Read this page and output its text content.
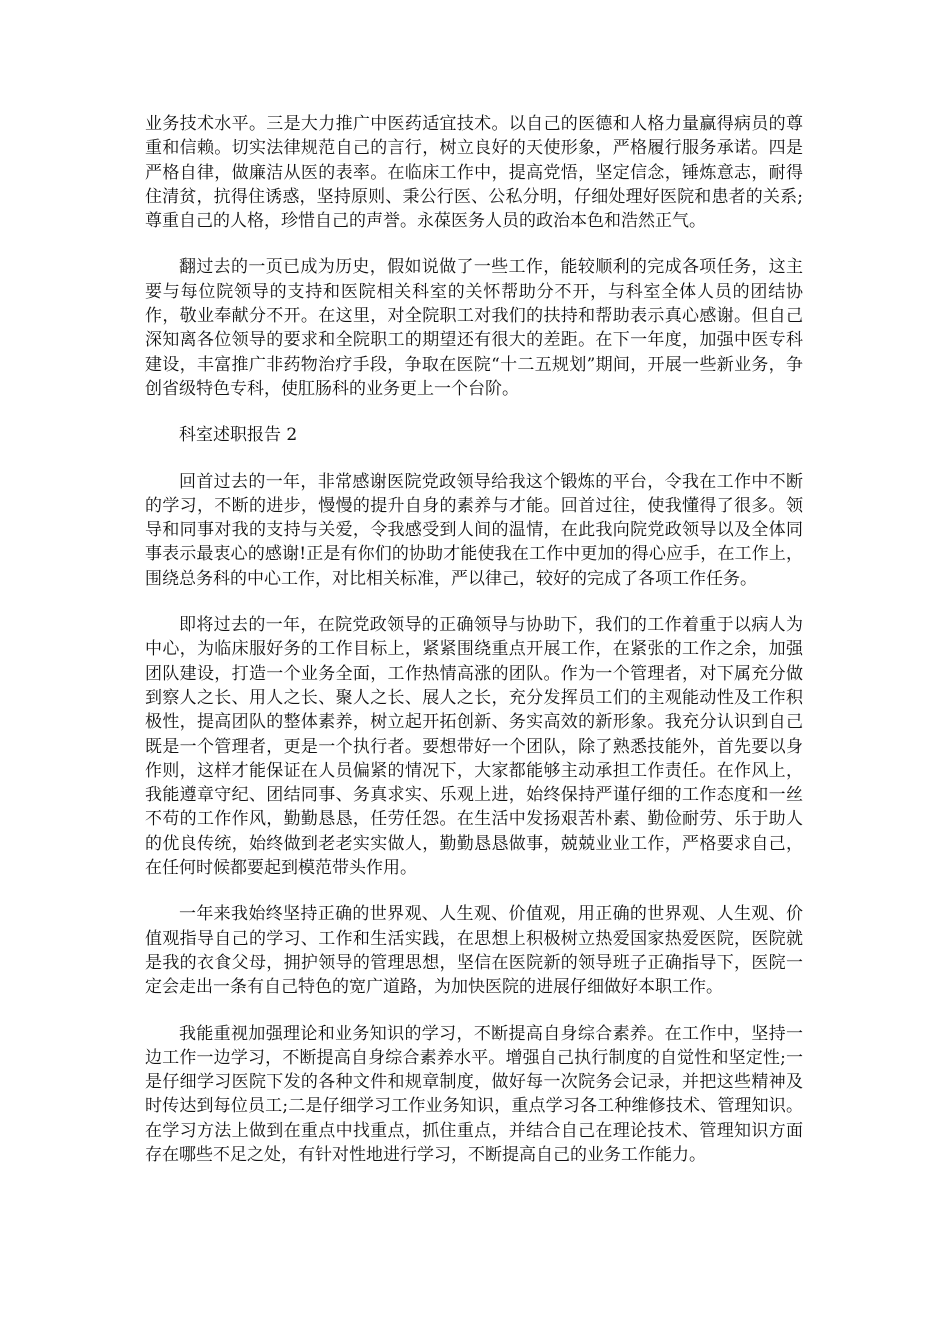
业务技术水平。三是大力推广中医药适宜技术。以自己的医德和人格力量赢得病员的尊重和信赖。切实法律规范自己的言行，树立良好的天使形象，严格履行服务承诺。四是严格自律，做廉洁从医的表率。在临床工作中，提高党悟，坚定信念，锤炼意志，耐得住清贫，抗得住诱惑，坚持原则、秉公行医、公私分明，仔细处理好医院和患者的关系;尊重自己的人格，珍惜自己的声誉。永葆医务人员的政治本色和浩然正气。

翻过去的一页已成为历史，假如说做了一些工作，能较顺利的完成各项任务，这主要与每位院领导的支持和医院相关科室的关怀帮助分不开，与科室全体人员的团结协作，敬业奉献分不开。在这里，对全院职工对我们的扶持和帮助表示真心感谢。但自己深知离各位领导的要求和全院职工的期望还有很大的差距。在下一年度，加强中医专科建设，丰富推广非药物治疗手段，争取在医院“十二五规划”期间，开展一些新业务，争创省级特色专科，使肛肠科的业务更上一个台阶。

科室述职报告 2

回首过去的一年，非常感谢医院党政领导给我这个锻炼的平台，令我在工作中不断的学习，不断的进步，慢慢的提升自身的素养与才能。回首过往，使我懂得了很多。领导和同事对我的支持与关爱，令我感受到人间的温情，在此我向院党政领导以及全体同事表示最衷心的感谢!正是有你们的协助才能使我在工作中更加的得心应手，在工作上，围绕总务科的中心工作，对比相关标准，严以律己，较好的完成了各项工作任务。

即将过去的一年，在院党政领导的正确领导与协助下，我们的工作着重于以病人为中心，为临床服好务的工作目标上，紧紧围绕重点开展工作，在紧张的工作之余，加强团队建设，打造一个业务全面，工作热情高涨的团队。作为一个管理者，对下属充分做到察人之长、用人之长、聚人之长、展人之长，充分发挥员工们的主观能动性及工作积极性，提高团队的整体素养，树立起开拓创新、务实高效的新形象。我充分认识到自己既是一个管理者，更是一个执行者。要想带好一个团队，除了熟悉技能外，首先要以身作则，这样才能保证在人员偏紧的情况下，大家都能够主动承担工作责任。在作风上，我能遵章守纪、团结同事、务真求实、乐观上进，始终保持严谨仔细的工作态度和一丝不苟的工作作风，勤勤恳恳，任劳任怨。在生活中发扬艰苦朴素、勤俭耐劳、乐于助人的优良传统，始终做到老老实实做人，勤勤恳恳做事，兢兢业业工作，严格要求自己，在任何时候都要起到模范带头作用。

一年来我始终坚持正确的世界观、人生观、价值观，用正确的世界观、人生观、价值观指导自己的学习、工作和生活实践，在思想上积极树立热爱国家热爱医院，医院就是我的衣食父母，拥护领导的管理思想，坚信在医院新的领导班子正确指导下，医院一定会走出一条有自己特色的宽广道路，为加快医院的进展仔细做好本职工作。

我能重视加强理论和业务知识的学习，不断提高自身综合素养。在工作中，坚持一边工作一边学习，不断提高自身综合素养水平。增强自己执行制度的自觉性和坚定性;一是仔细学习医院下发的各种文件和规章制度，做好每一次院务会记录，并把这些精神及时传达到每位员工;二是仔细学习工作业务知识，重点学习各工种维修技术、管理知识。在学习方法上做到在重点中找重点，抓住重点，并结合自己在理论技术、管理知识方面存在哪些不足之处，有针对性地进行学习，不断提高自己的业务工作能力。
